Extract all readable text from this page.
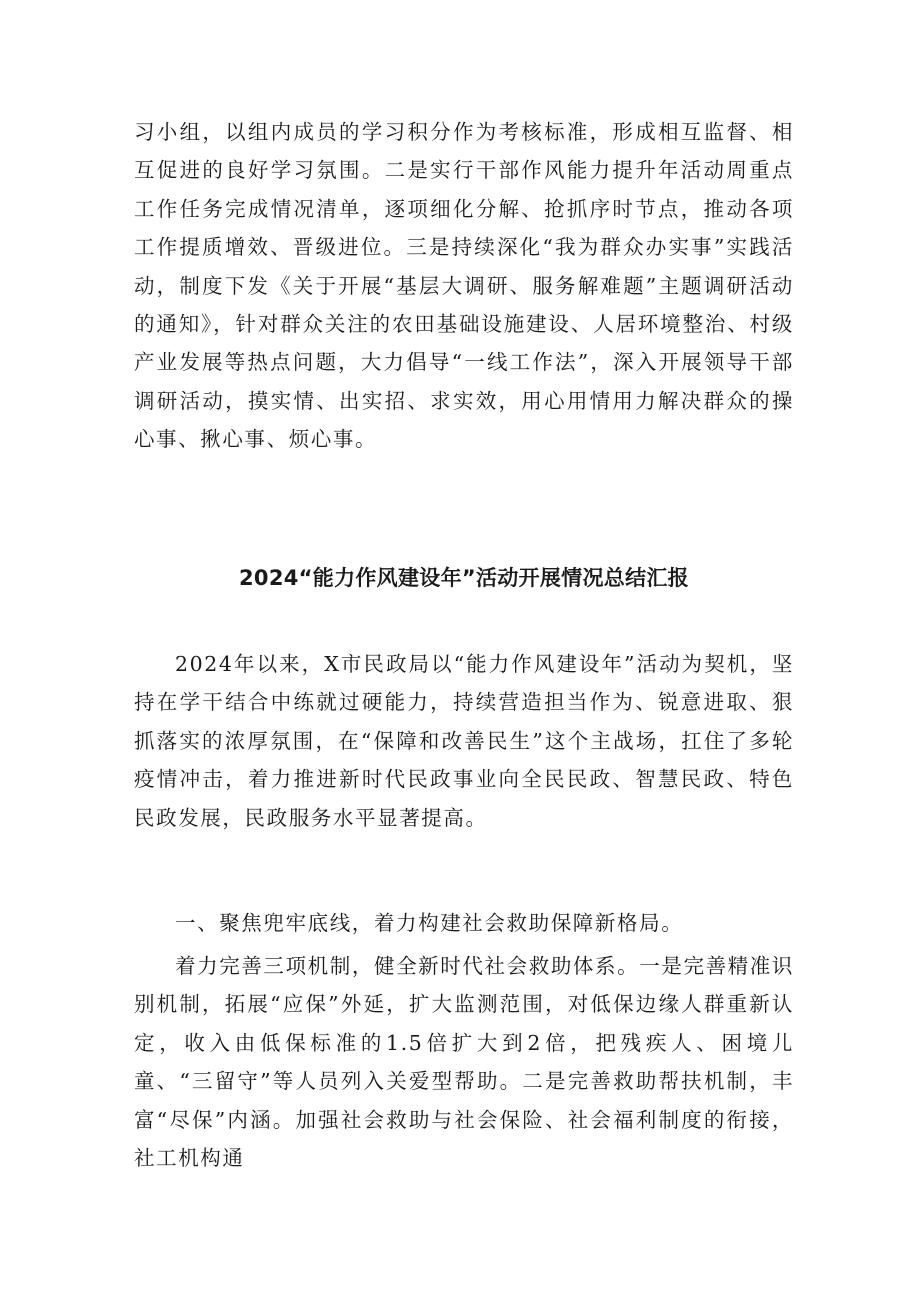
习小组，以组内成员的学习积分作为考核标准，形成相互监督、相互促进的良好学习氛围。二是实行干部作风能力提升年活动周重点工作任务完成情况清单，逐项细化分解、抢抓序时节点，推动各项工作提质增效、晋级进位。三是持续深化“我为群众办实事”实践活动，制度下发《关于开展“基层大调研、服务解难题”主题调研活动的通知》，针对群众关注的农田基础设施建设、人居环境整治、村级产业发展等热点问题，大力倡导“一线工作法”，深入开展领导干部调研活动，摸实情、出实招、求实效，用心用情用力解决群众的操心事、揪心事、烦心事。

2024“能力作风建设年”活动开展情况总结汇报

2024年以来，X市民政局以“能力作风建设年”活动为契机，坚持在学干结合中练就过硬能力，持续营造担当作为、锐意进取、狠抓落实的浓厚氛围，在“保障和改善民生”这个主战场，扛住了多轮疫情冲击，着力推进新时代民政事业向全民民政、智慧民政、特色民政发展，民政服务水平显著提高。

一、聚焦兜牢底线，着力构建社会救助保障新格局。

着力完善三项机制，健全新时代社会救助体系。一是完善精准识别机制，拓展“应保”外延，扩大监测范围，对低保边缘人群重新认定，收入由低保标准的1.5倍扩大到2倍，把残疾人、困境儿童、“三留守”等人员列入关爱型帮助。二是完善救助帮扶机制，丰富“尽保”内涵。加强社会救助与社会保险、社会福利制度的衔接，社工机构通
